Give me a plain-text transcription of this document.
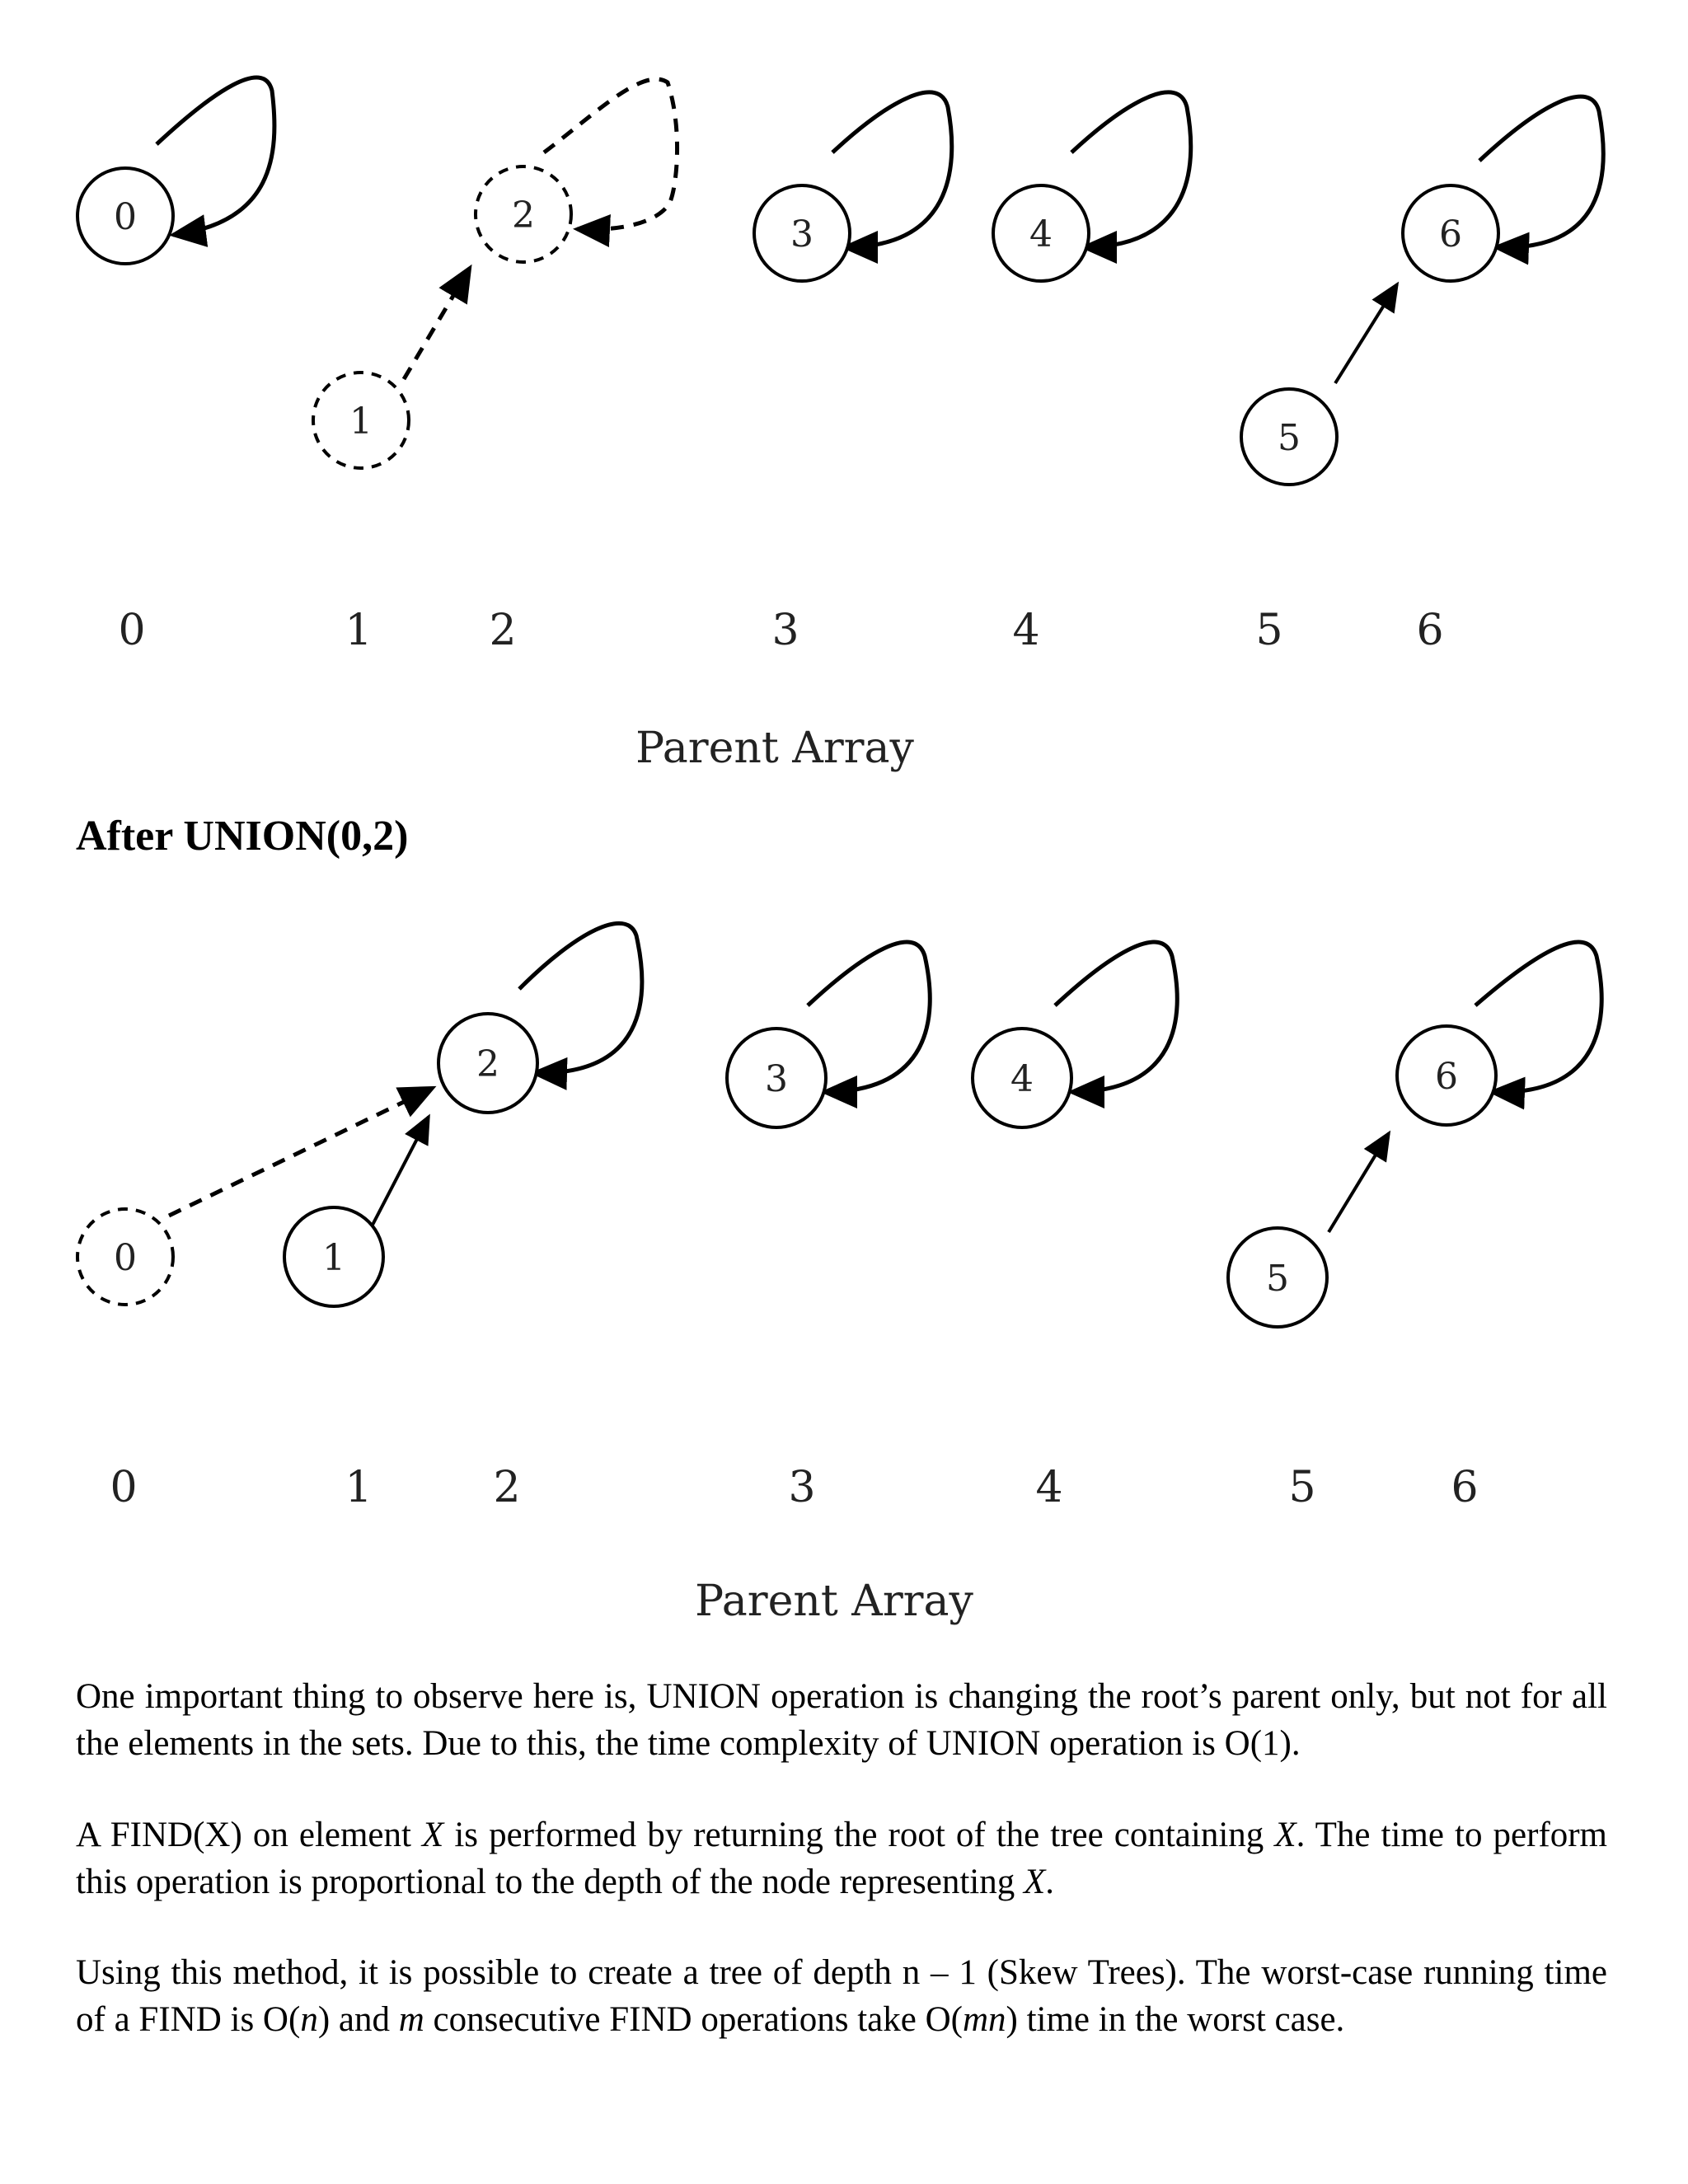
0
1
2	3	4
5
6
0	1	2	3	4	5	6
Parent Array
After UNION(0,2)
0	1
2	3	4
5
6
0	1	2	3	4	5	6
Parent Array

One important thing to observe here is, UNION operation is changing the root’s parent only, but not for all the elements in the sets. Due to this, the time complexity of UNION operation is O(1).

A FIND(X) on element X is performed by returning the root of the tree containing X. The time to perform this operation is proportional to the depth of the node representing X.

Using this method, it is possible to create a tree of depth n – 1 (Skew Trees). The worst-case running time of a FIND is O(n) and m consecutive FIND operations take O(mn) time in the worst case.
